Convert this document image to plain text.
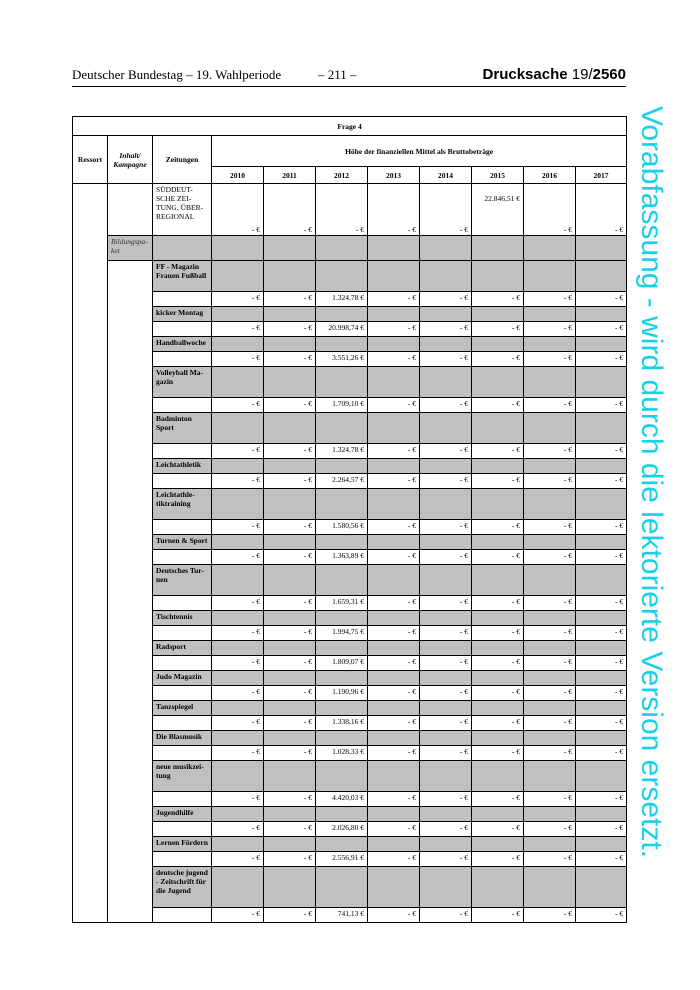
Deutscher Bundestag – 19. Wahlperiode	– 211 –	Drucksache 19/2560
Vorabfassung - wird durch die lektorierte Version ersetzt.
Frage 4										
Ressort	Inhalt/ Kampagne	Zeitungen	Höhe der finanziellen Mittel als Bruttobeträge							
			2010	2011	2012	2013	2014	2015	2016	2017
		SÜDDEUT-SCHE ZEI-TUNG, ÜBER-REGIONAL	- €	- €	- €	- €	- €	22.846,51 €	- €	- €
	Bildungspa-ket									
		FF - Magazin Frauen Fußball								
			- €	- €	1.324,78 €	- €	- €	- €	- €	- €
		kicker Montag								
			- €	- €	20.998,74 €	- €	- €	- €	- €	- €
		Handballwoche								
			- €	- €	3.551,26 €	- €	- €	- €	- €	- €
		Volleyball Ma-gazin								
			- €	- €	1.709,10 €	- €	- €	- €	- €	- €
		Badminton Sport								
			- €	- €	1.324,78 €	- €	- €	- €	- €	- €
		Leichtathletik								
			- €	- €	2.264,57 €	- €	- €	- €	- €	- €
		Leichtathle-tiktraining								
			- €	- €	1.580,56 €	- €	- €	- €	- €	- €
		Turnen & Sport								
			- €	- €	1.363,89 €	- €	- €	- €	- €	- €
		Deutsches Tur-nen								
			- €	- €	1.659,31 €	- €	- €	- €	- €	- €
		Tischtennis								
			- €	- €	1.994,75 €	- €	- €	- €	- €	- €
		Radsport								
			- €	- €	1.809,07 €	- €	- €	- €	- €	- €
		Judo Magazin								
			- €	- €	1.190,96 €	- €	- €	- €	- €	- €
		Tanzspiegel								
			- €	- €	1.338,16 €	- €	- €	- €	- €	- €
		Die Blasmusik								
			- €	- €	1.028,33 €	- €	- €	- €	- €	- €
		neue musikzei-tung								
			- €	- €	4.420,03 €	- €	- €	- €	- €	- €
		Jugendhilfe								
			- €	- €	2.026,80 €	- €	- €	- €	- €	- €
		Lernen Fördern								
			- €	- €	2.556,91 €	- €	- €	- €	- €	- €
		deutsche jugend - Zeitschrift für die Jugend								
			- €	- €	741,13 €	- €	- €	- €	- €	- €
